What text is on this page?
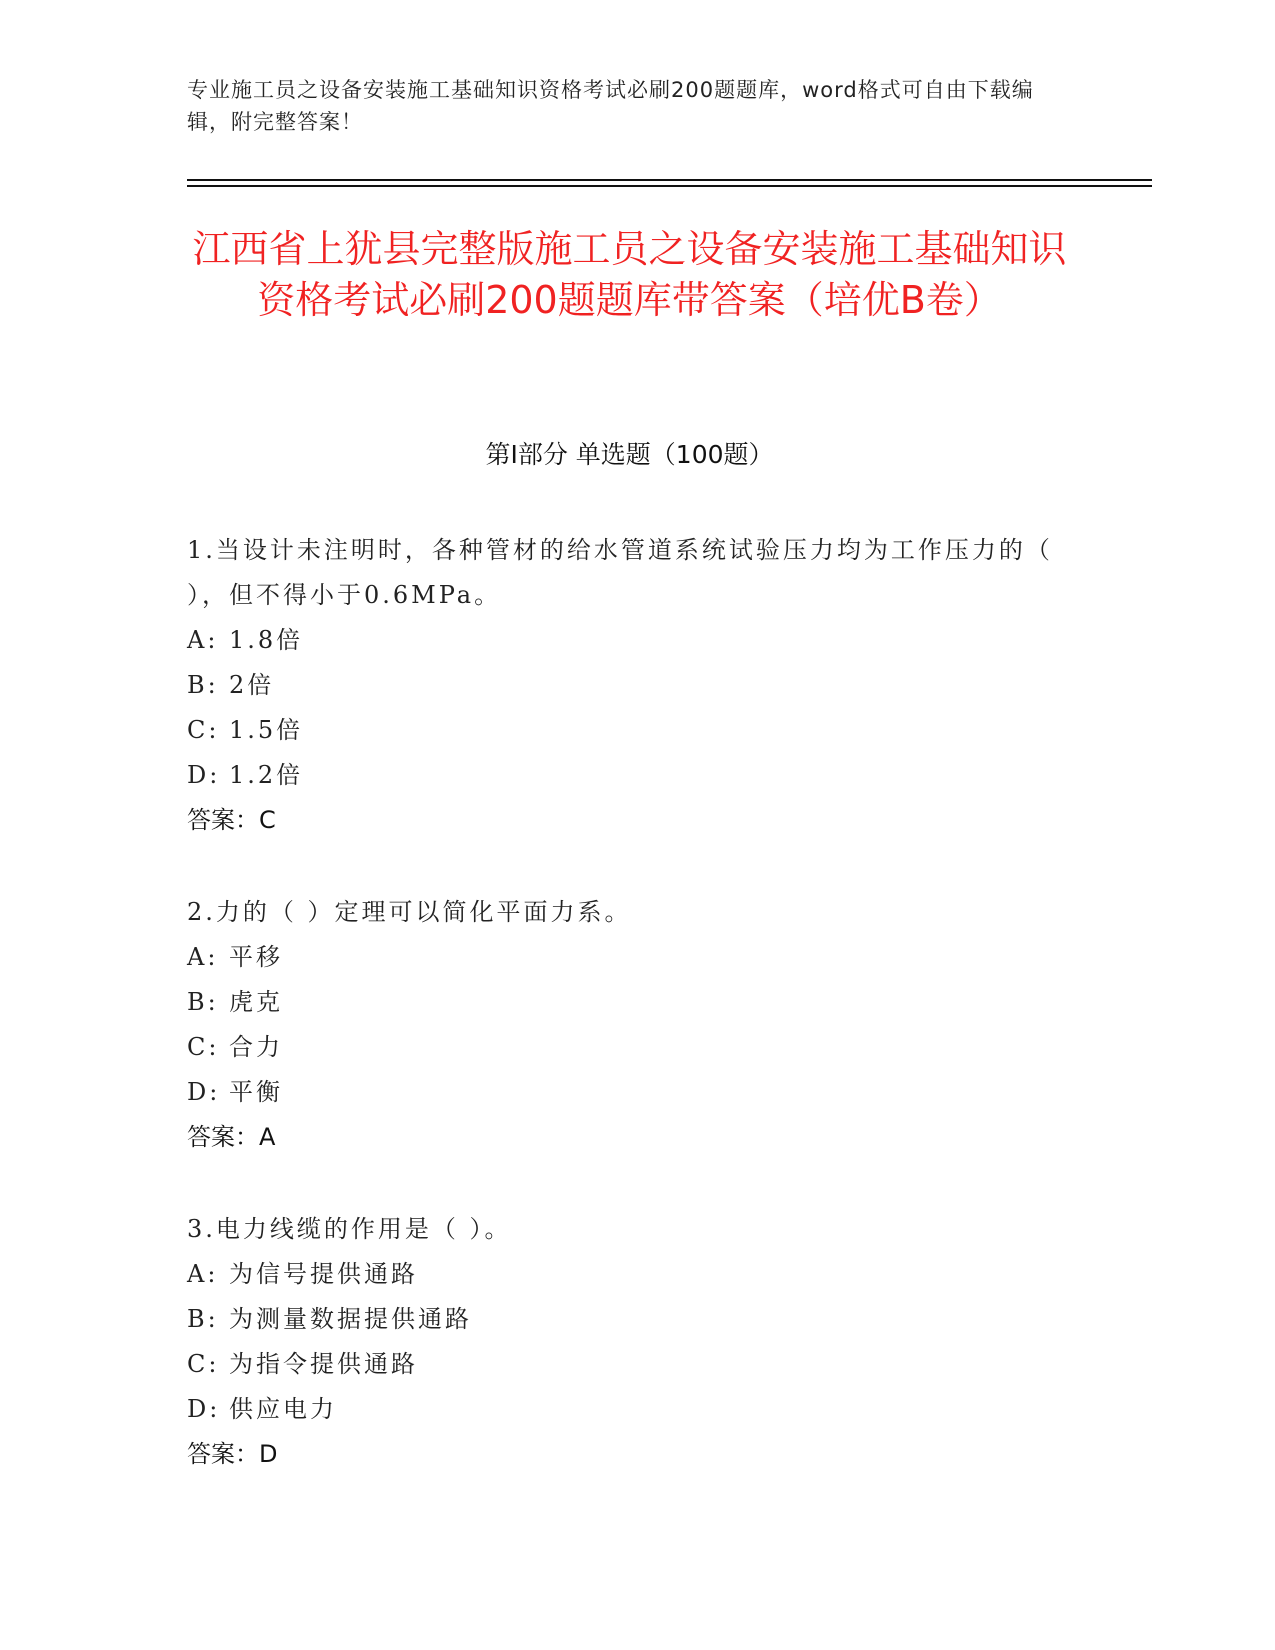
专业施工员之设备安装施工基础知识资格考试必刷200题题库，word格式可自由下载编辑，附完整答案！
江西省上犹县完整版施工员之设备安装施工基础知识资格考试必刷200题题库带答案（培优B卷）
第I部分 单选题（100题）
1.当设计未注明时，各种管材的给水管道系统试验压力均为工作压力的（ ），但不得小于0.6MPa。
A: 1.8倍
B: 2倍
C: 1.5倍
D: 1.2倍
答案：C
2.力的（ ）定理可以简化平面力系。
A: 平移
B: 虎克
C: 合力
D: 平衡
答案：A
3.电力线缆的作用是（ ）。
A: 为信号提供通路
B: 为测量数据提供通路
C: 为指令提供通路
D: 供应电力
答案：D
